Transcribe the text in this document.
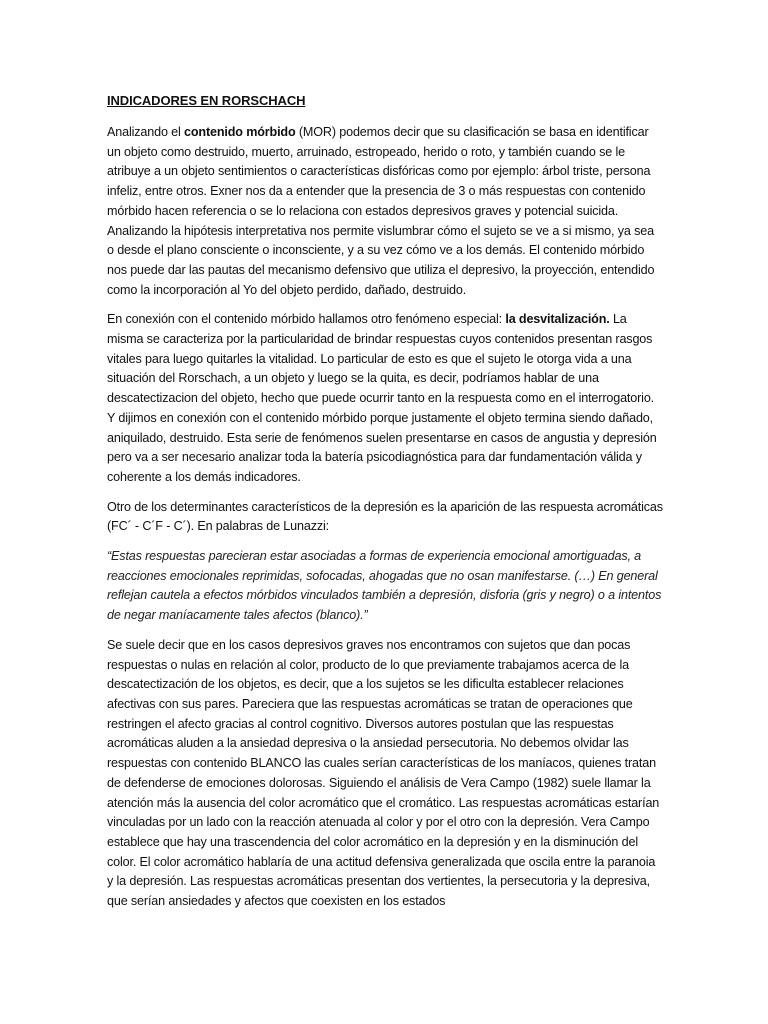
INDICADORES EN RORSCHACH

Analizando el contenido mórbido (MOR) podemos decir que su clasificación se basa en identificar un objeto como destruido, muerto, arruinado, estropeado, herido o roto, y también cuando se le atribuye a un objeto sentimientos o características disfóricas como por ejemplo: árbol triste, persona infeliz, entre otros. Exner nos da a entender que la presencia de 3 o más respuestas con contenido mórbido hacen referencia o se lo relaciona con estados depresivos graves y potencial suicida. Analizando la hipótesis interpretativa nos permite vislumbrar cómo el sujeto se ve a si mismo, ya sea o desde el plano consciente o inconsciente, y a su vez cómo ve a los demás. El contenido mórbido nos puede dar las pautas del mecanismo defensivo que utiliza el depresivo, la proyección, entendido como la incorporación al Yo del objeto perdido, dañado, destruido.

En conexión con el contenido mórbido hallamos otro fenómeno especial: la desvitalización. La misma se caracteriza por la particularidad de brindar respuestas cuyos contenidos presentan rasgos vitales para luego quitarles la vitalidad. Lo particular de esto es que el sujeto le otorga vida a una situación del Rorschach, a un objeto y luego se la quita, es decir, podríamos hablar de una descatectizacion del objeto, hecho que puede ocurrir tanto en la respuesta como en el interrogatorio. Y dijimos en conexión con el contenido mórbido porque justamente el objeto termina siendo dañado, aniquilado, destruido. Esta serie de fenómenos suelen presentarse en casos de angustia y depresión pero va a ser necesario analizar toda la batería psicodiagnóstica para dar fundamentación válida y coherente a los demás indicadores.

Otro de los determinantes característicos de la depresión es la aparición de las respuesta acromáticas (FC´ - C´F - C´). En palabras de Lunazzi:

“Estas respuestas parecieran estar asociadas a formas de experiencia emocional amortiguadas, a reacciones emocionales reprimidas, sofocadas, ahogadas que no osan manifestarse. (…) En general reflejan cautela a efectos mórbidos vinculados también a depresión, disforia (gris y negro) o a intentos de negar maníacamente tales afectos (blanco).”

Se suele decir que en los casos depresivos graves nos encontramos con sujetos que dan pocas respuestas o nulas en relación al color, producto de lo que previamente trabajamos acerca de la descatectización de los objetos, es decir, que a los sujetos se les dificulta establecer relaciones afectivas con sus pares. Pareciera que las respuestas acromáticas se tratan de operaciones que restringen el afecto gracias al control cognitivo. Diversos autores postulan que las respuestas acromáticas aluden a la ansiedad depresiva o la ansiedad persecutoria. No debemos olvidar las respuestas con contenido BLANCO las cuales serían características de los maníacos, quienes tratan de defenderse de emociones dolorosas. Siguiendo el análisis de Vera Campo (1982) suele llamar la atención más la ausencia del color acromático que el cromático. Las respuestas acromáticas estarían vinculadas por un lado con la reacción atenuada al color y por el otro con la depresión. Vera Campo establece que hay una trascendencia del color acromático en la depresión y en la disminución del color. El color acromático hablaría de una actitud defensiva generalizada que oscila entre la paranoia y la depresión. Las respuestas acromáticas presentan dos vertientes, la persecutoria y la depresiva, que serían ansiedades y afectos que coexisten en los estados
